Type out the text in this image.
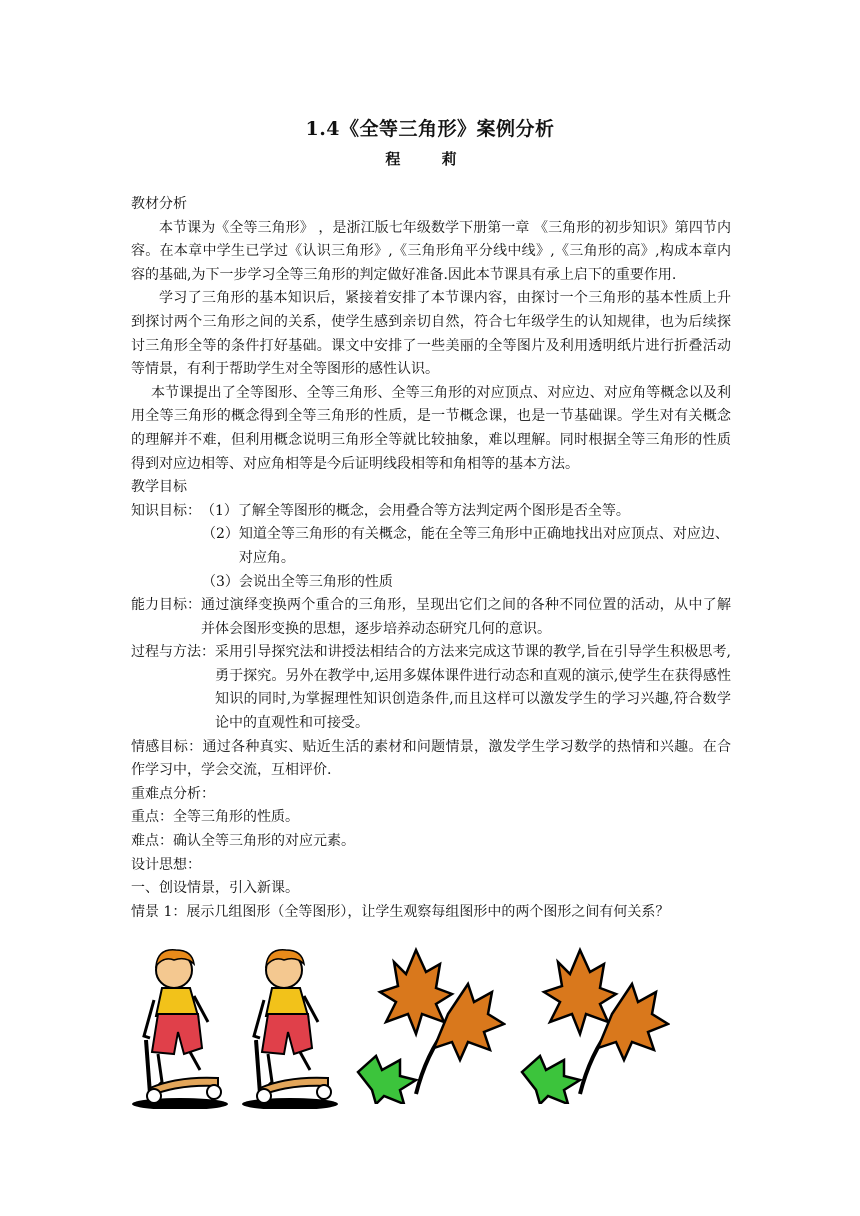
1.4《全等三角形》案例分析
程 莉

教材分析

本节课为《全等三角形》 ，是浙江版七年级数学下册第一章 《三角形的初步知识》第四节内容。在本章中学生已学过《认识三角形》,《三角形角平分线中线》,《三角形的高》,构成本章内容的基础,为下一步学习全等三角形的判定做好准备.因此本节课具有承上启下的重要作用.

学习了三角形的基本知识后，紧接着安排了本节课内容，由探讨一个三角形的基本性质上升到探讨两个三角形之间的关系，使学生感到亲切自然，符合七年级学生的认知规律，也为后续探讨三角形全等的条件打好基础。课文中安排了一些美丽的全等图片及利用透明纸片进行折叠活动等情景，有利于帮助学生对全等图形的感性认识。

本节课提出了全等图形、全等三角形、全等三角形的对应顶点、对应边、对应角等概念以及利用全等三角形的概念得到全等三角形的性质，是一节概念课，也是一节基础课。学生对有关概念的理解并不难，但利用概念说明三角形全等就比较抽象，难以理解。同时根据全等三角形的性质得到对应边相等、对应角相等是今后证明线段相等和角相等的基本方法。

教学目标

知识目标： （1） 了解全等图形的概念，会用叠合等方法判定两个图形是否全等。
（2） 知道全等三角形的有关概念，能在全等三角形中正确地找出对应顶点、对应边、对应角。
（3） 会说出全等三角形的性质
能力目标： 通过演绎变换两个重合的三角形，呈现出它们之间的各种不同位置的活动，从中了解并体会图形变换的思想，逐步培养动态研究几何的意识。
过程与方法： 采用引导探究法和讲授法相结合的方法来完成这节课的教学,旨在引导学生积极思考,勇于探究。另外在教学中,运用多媒体课件进行动态和直观的演示,使学生在获得感性知识的同时,为掌握理性知识创造条件,而且这样可以激发学生的学习兴趣,符合数学论中的直观性和可接受。

情感目标：通过各种真实、贴近生活的素材和问题情景，激发学生学习数学的热情和兴趣。在合作学习中，学会交流，互相评价.

重难点分析：

重点：全等三角形的性质。

难点：确认全等三角形的对应元素。

设计思想：

一、创设情景，引入新课。

情景 1：展示几组图形（全等图形），让学生观察每组图形中的两个图形之间有何关系？
